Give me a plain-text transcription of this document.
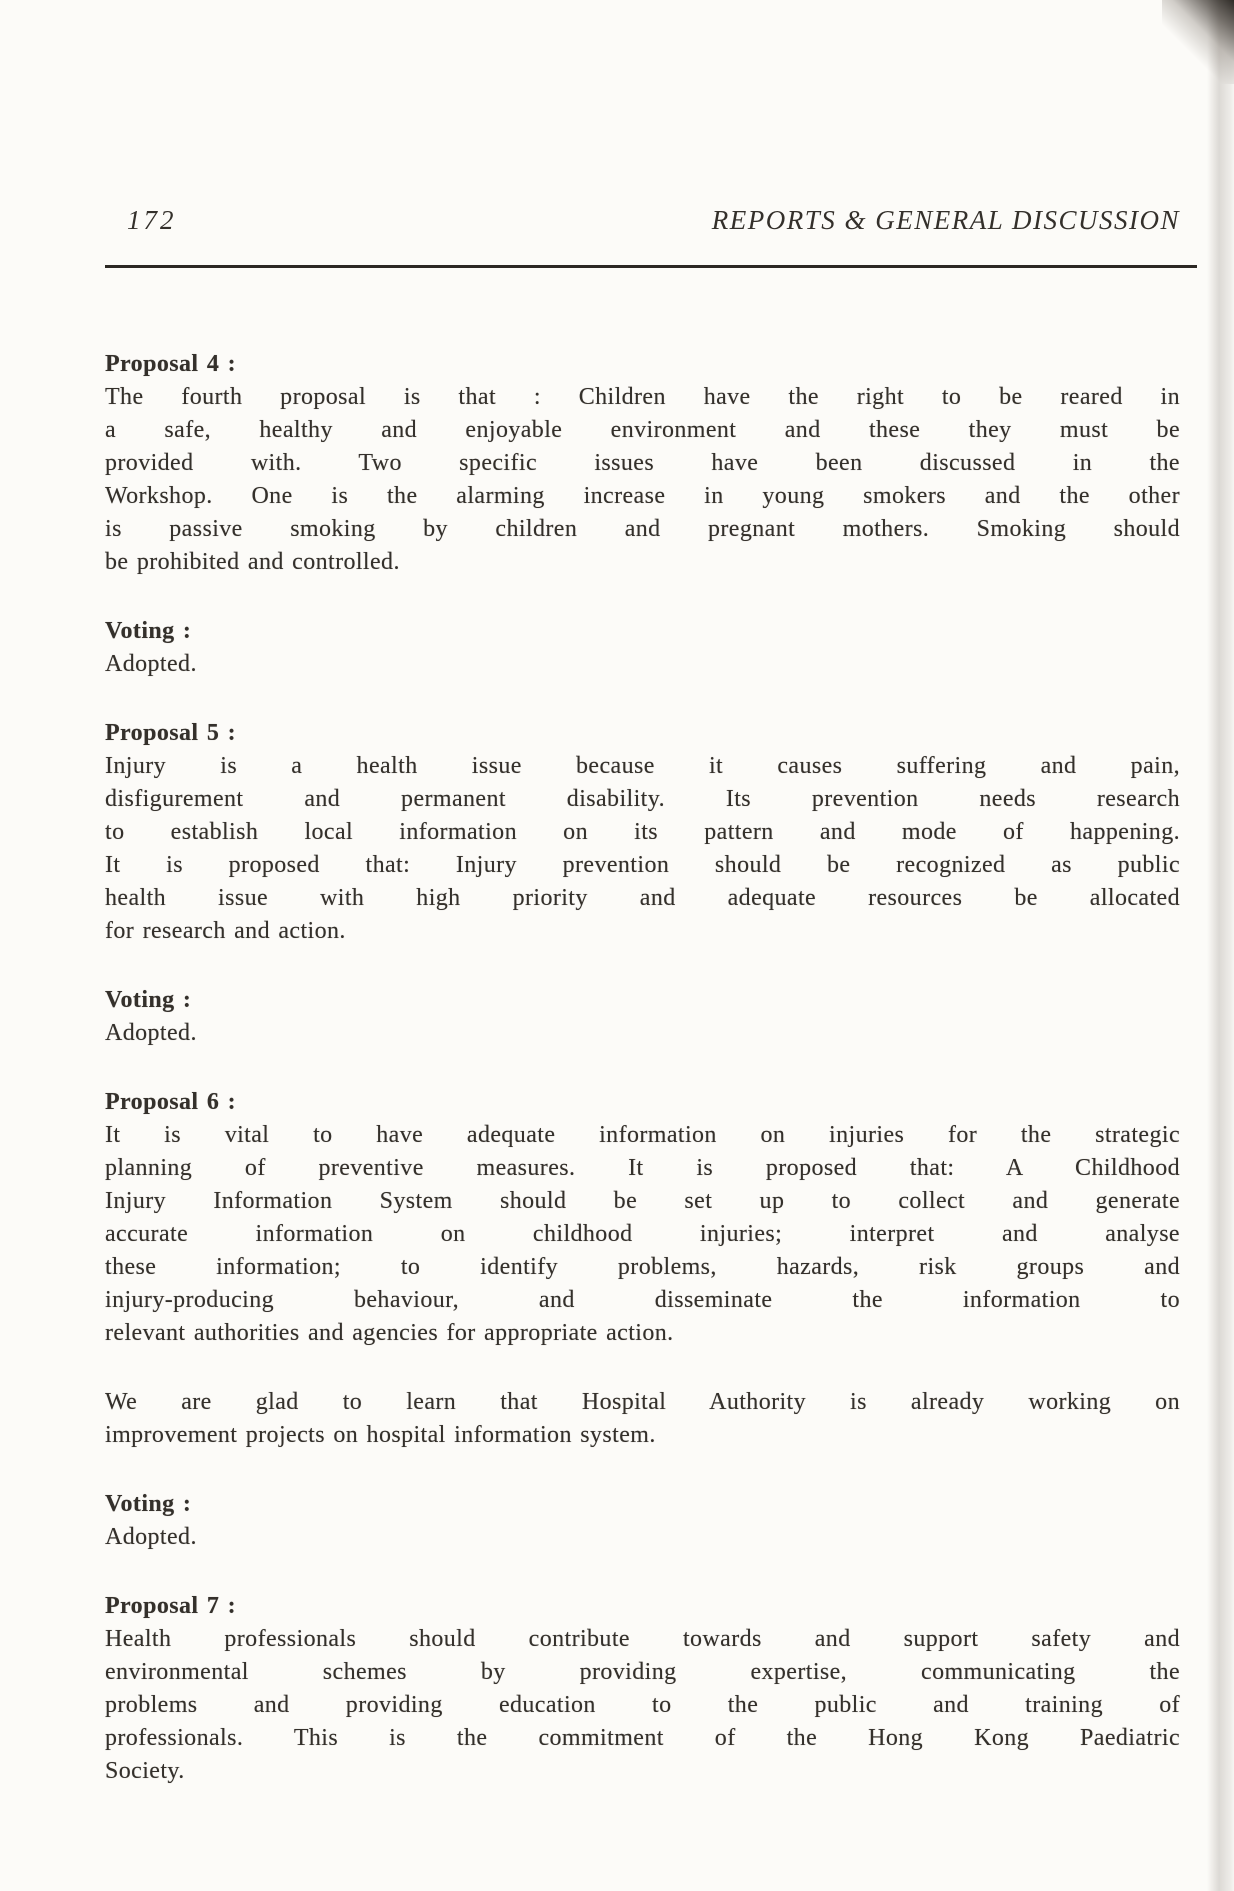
172	REPORTS & GENERAL DISCUSSION
Proposal 4 :
The fourth proposal is that : Children have the right to be reared in
a safe, healthy and enjoyable environment and these they must be
provided with. Two specific issues have been discussed in the
Workshop. One is the alarming increase in young smokers and the other
is passive smoking by children and pregnant mothers. Smoking should
be prohibited and controlled.
Voting :
Adopted.
Proposal 5 :
Injury is a health issue because it causes suffering and pain,
disfigurement and permanent disability. Its prevention needs research
to establish local information on its pattern and mode of happening.
It is proposed that: Injury prevention should be recognized as public
health issue with high priority and adequate resources be allocated
for research and action.
Voting :
Adopted.
Proposal 6 :
It is vital to have adequate information on injuries for the strategic
planning of preventive measures. It is proposed that: A Childhood
Injury Information System should be set up to collect and generate
accurate information on childhood injuries; interpret and analyse
these information; to identify problems, hazards, risk groups and
injury-producing behaviour, and disseminate the information to
relevant authorities and agencies for appropriate action.
We are glad to learn that Hospital Authority is already working on
improvement projects on hospital information system.
Voting :
Adopted.
Proposal 7 :
Health professionals should contribute towards and support safety and
environmental schemes by providing expertise, communicating the
problems and providing education to the public and training of
professionals. This is the commitment of the Hong Kong Paediatric
Society.
